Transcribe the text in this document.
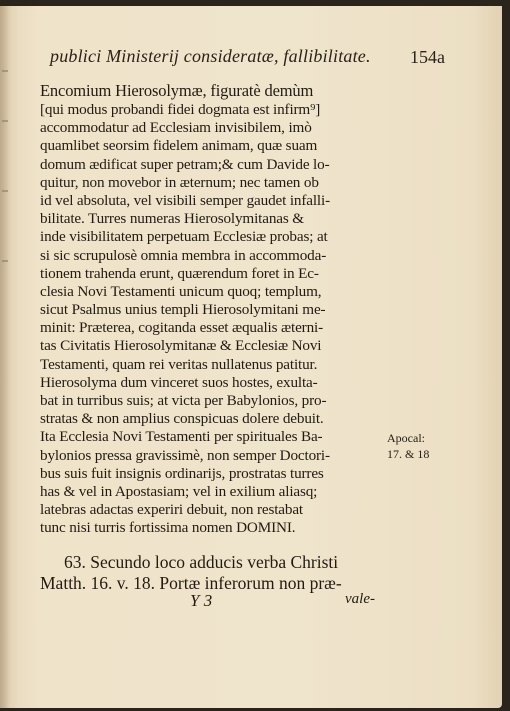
publici Ministerij consideratæ, fallibilitate.	154a
Encomium Hierosolymæ, figuratè demùm
[qui modus probandi fidei dogmata est infirm⁹]
accommodatur ad Ecclesiam invisibilem, imò
quamlibet seorsim fidelem animam, quæ suam
domum ædificat super petram;& cum Davide lo-
quitur, non movebor in æternum; nec tamen ob
id vel absoluta, vel visibili semper gaudet infalli-
bilitate. Turres numeras Hierosolymitanas &
inde visibilitatem perpetuam Ecclesiæ probas; at
si sic scrupulosè omnia membra in accommoda-
tionem trahenda erunt, quærendum foret in Ec-
clesia Novi Testamenti unicum quoq; templum,
sicut Psalmus unius templi Hierosolymitani me-
minit: Præterea, cogitanda esset æqualis æterni-
tas Civitatis Hierosolymitanæ & Ecclesiæ Novi
Testamenti, quam rei veritas nullatenus patitur.
Hierosolyma dum vinceret suos hostes, exulta-
bat in turribus suis; at victa per Babylonios, pro-
stratas & non amplius conspicuas dolere debuit.
Ita Ecclesia Novi Testamenti per spirituales Ba-
bylonios pressa gravissimè, non semper Doctori-
bus suis fuit insignis ordinarijs, prostratas turres
has & vel in Apostasiam; vel in exilium aliasq;
latebras adactas experiri debuit, non restabat
tunc nisi turris fortissima nomen DOMINI.
63. Secundo loco adducis verba Christi
Matth. 16. v. 18. Portæ inferorum non præ-
Apocal:
17. & 18
Y 3	vale-
